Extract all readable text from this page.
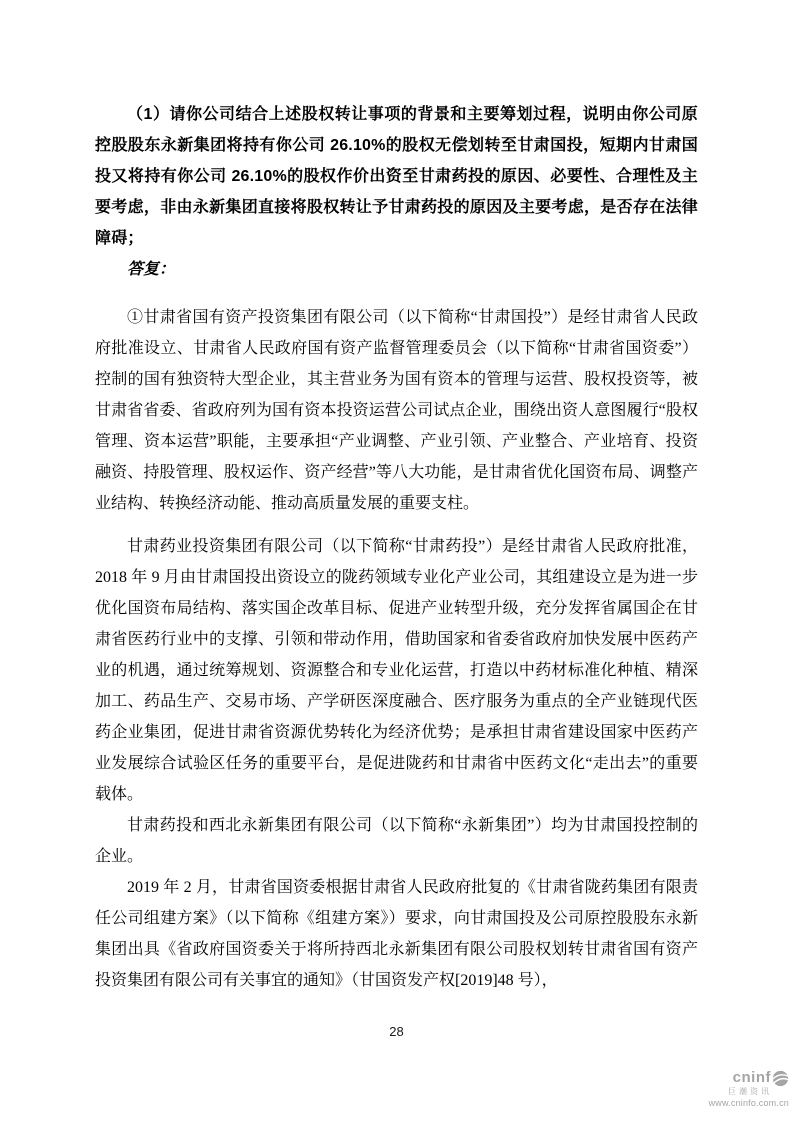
（1）请你公司结合上述股权转让事项的背景和主要筹划过程，说明由你公司原控股股东永新集团将持有你公司 26.10%的股权无偿划转至甘肃国投，短期内甘肃国投又将持有你公司 26.10%的股权作价出资至甘肃药投的原因、必要性、合理性及主要考虑，非由永新集团直接将股权转让予甘肃药投的原因及主要考虑，是否存在法律障碍；

答复：

①甘肃省国有资产投资集团有限公司（以下简称“甘肃国投”）是经甘肃省人民政府批准设立、甘肃省人民政府国有资产监督管理委员会（以下简称“甘肃省国资委”）控制的国有独资特大型企业，其主营业务为国有资本的管理与运营、股权投资等，被甘肃省省委、省政府列为国有资本投资运营公司试点企业，围绕出资人意图履行“股权管理、资本运营”职能，主要承担“产业调整、产业引领、产业整合、产业培育、投资融资、持股管理、股权运作、资产经营”等八大功能，是甘肃省优化国资布局、调整产业结构、转换经济动能、推动高质量发展的重要支柱。

甘肃药业投资集团有限公司（以下简称“甘肃药投”）是经甘肃省人民政府批准，2018 年 9 月由甘肃国投出资设立的陇药领域专业化产业公司，其组建设立是为进一步优化国资布局结构、落实国企改革目标、促进产业转型升级，充分发挥省属国企在甘肃省医药行业中的支撑、引领和带动作用，借助国家和省委省政府加快发展中医药产业的机遇，通过统筹规划、资源整合和专业化运营，打造以中药材标准化种植、精深加工、药品生产、交易市场、产学研医深度融合、医疗服务为重点的全产业链现代医药企业集团，促进甘肃省资源优势转化为经济优势；是承担甘肃省建设国家中医药产业发展综合试验区任务的重要平台，是促进陇药和甘肃省中医药文化“走出去”的重要载体。

甘肃药投和西北永新集团有限公司（以下简称“永新集团”）均为甘肃国投控制的企业。

2019 年 2 月，甘肃省国资委根据甘肃省人民政府批复的《甘肃省陇药集团有限责任公司组建方案》（以下简称《组建方案》）要求，向甘肃国投及公司原控股股东永新集团出具《省政府国资委关于将所持西北永新集团有限公司股权划转甘肃省国有资产投资集团有限公司有关事宜的通知》（甘国资发产权[2019]48 号），

28
cninf
巨潮资讯
www.cninfo.com.cn
